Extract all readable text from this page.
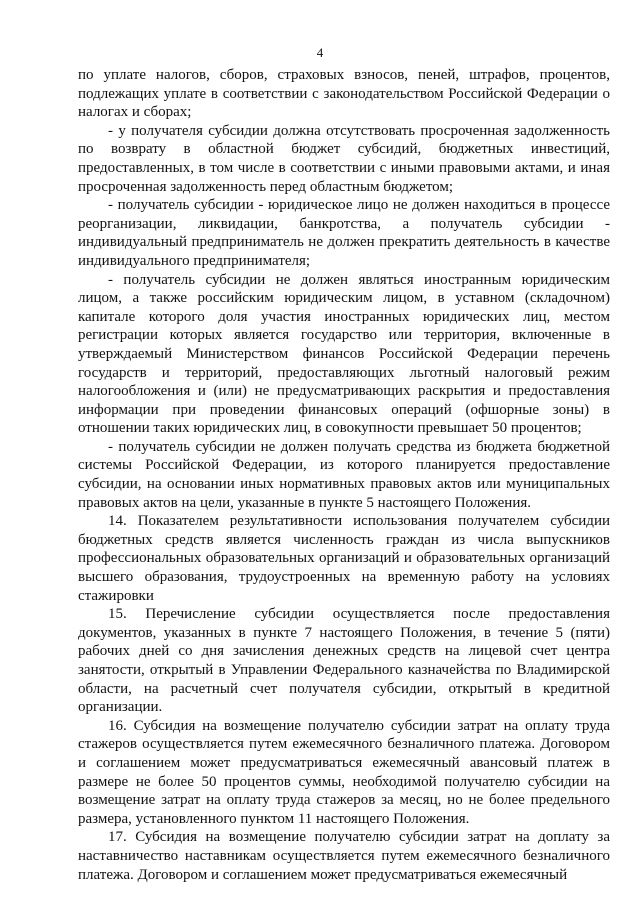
4

по уплате налогов, сборов, страховых взносов, пеней, штрафов, процентов, подлежащих уплате в соответствии с законодательством Российской Федерации о налогах и сборах;

- у получателя субсидии должна отсутствовать просроченная задолженность по возврату в областной бюджет субсидий, бюджетных инвестиций, предоставленных, в том числе в соответствии с иными правовыми актами, и иная просроченная задолженность перед областным бюджетом;

- получатель субсидии - юридическое лицо не должен находиться в процессе реорганизации, ликвидации, банкротства, а получатель субсидии - индивидуальный предприниматель не должен прекратить деятельность в качестве индивидуального предпринимателя;

- получатель субсидии не должен являться иностранным юридическим лицом, а также российским юридическим лицом, в уставном (складочном) капитале которого доля участия иностранных юридических лиц, местом регистрации которых является государство или территория, включенные в утверждаемый Министерством финансов Российской Федерации перечень государств и территорий, предоставляющих льготный налоговый режим налогообложения и (или) не предусматривающих раскрытия и предоставления информации при проведении финансовых операций (офшорные зоны) в отношении таких юридических лиц, в совокупности превышает 50 процентов;

- получатель субсидии не должен получать средства из бюджета бюджетной системы Российской Федерации, из которого планируется предоставление субсидии, на основании иных нормативных правовых актов или муниципальных правовых актов на цели, указанные в пункте 5 настоящего Положения.

14. Показателем результативности использования получателем субсидии бюджетных средств является численность граждан из числа выпускников профессиональных образовательных организаций и образовательных организаций высшего образования, трудоустроенных на временную работу на условиях стажировки

15. Перечисление субсидии осуществляется после предоставления документов, указанных в пункте 7 настоящего Положения, в течение 5 (пяти) рабочих дней со дня зачисления денежных средств на лицевой счет центра занятости, открытый в Управлении Федерального казначейства по Владимирской области, на расчетный счет получателя субсидии, открытый в кредитной организации.

16. Субсидия на возмещение получателю субсидии затрат на оплату труда стажеров осуществляется путем ежемесячного безналичного платежа. Договором и соглашением может предусматриваться ежемесячный авансовый платеж в размере не более 50 процентов суммы, необходимой получателю субсидии на возмещение затрат на оплату труда стажеров за месяц, но не более предельного размера, установленного пунктом 11 настоящего Положения.

17. Субсидия на возмещение получателю субсидии затрат на доплату за наставничество наставникам осуществляется путем ежемесячного безналичного платежа. Договором и соглашением может предусматриваться ежемесячный
